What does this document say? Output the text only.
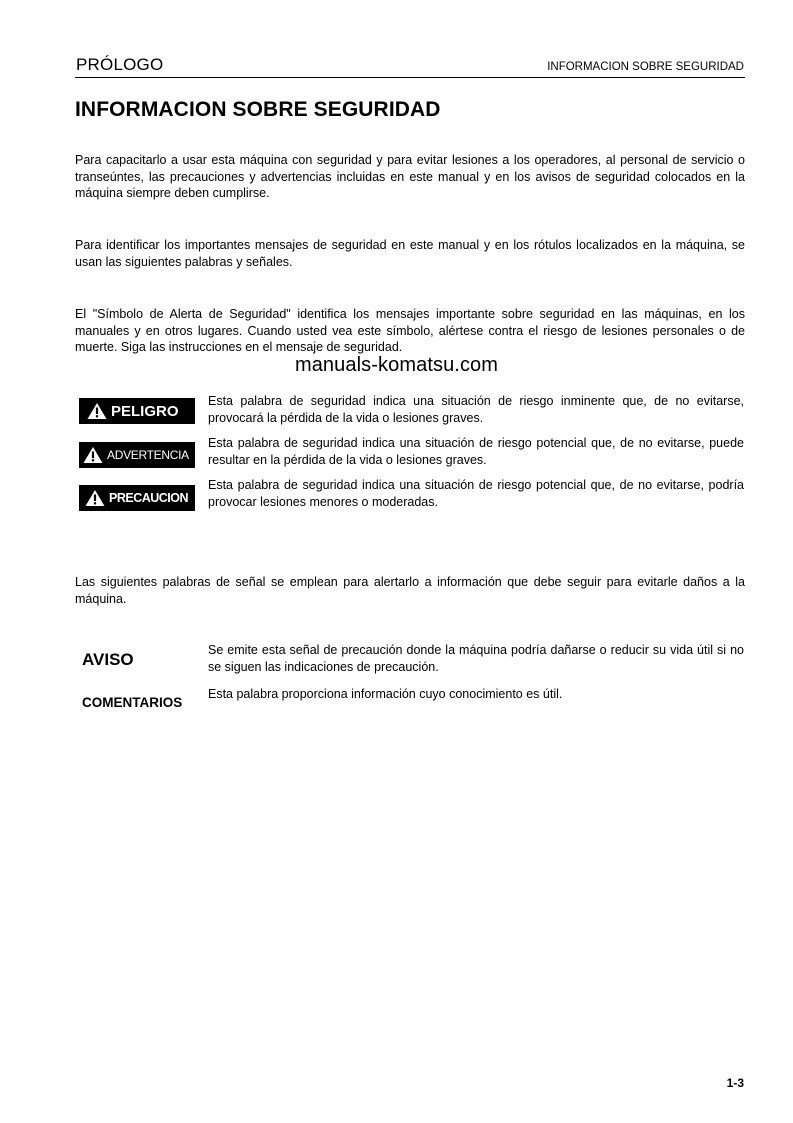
PRÓLOGO	INFORMACION SOBRE SEGURIDAD
INFORMACION SOBRE SEGURIDAD

Para capacitarlo a usar esta máquina con seguridad y para evitar lesiones a los operadores, al personal de servicio o transeúntes, las precauciones y advertencias incluidas en este manual y en los avisos de seguridad colocados en la máquina siempre deben cumplirse.

Para identificar los importantes mensajes de seguridad en este manual y en los rótulos localizados en la máquina, se usan las siguientes palabras y señales.

El "Símbolo de Alerta de Seguridad" identifica los mensajes importante sobre seguridad en las máquinas, en los manuales y en otros lugares. Cuando usted vea este símbolo, alértese contra el riesgo de lesiones personales o de muerte. Siga las instrucciones en el mensaje de seguridad.

manuals-komatsu.com
PELIGRO

Esta palabra de seguridad indica una situación de riesgo inminente que, de no evitarse, provocará la pérdida de la vida o lesiones graves.

ADVERTENCIA

Esta palabra de seguridad indica una situación de riesgo potencial que, de no evitarse, puede resultar en la pérdida de la vida o lesiones graves.

PRECAUCION

Esta palabra de seguridad indica una situación de riesgo potencial que, de no evitarse, podría provocar lesiones menores o moderadas.

Las siguientes palabras de señal se emplean para alertarlo a información que debe seguir para evitarle daños a la máquina.

AVISO	Se emite esta señal de precaución donde la máquina podría dañarse o reducir su vida útil si no se siguen las indicaciones de precaución.

COMENTARIOS

Esta palabra proporciona información cuyo conocimiento es útil.

1-3
